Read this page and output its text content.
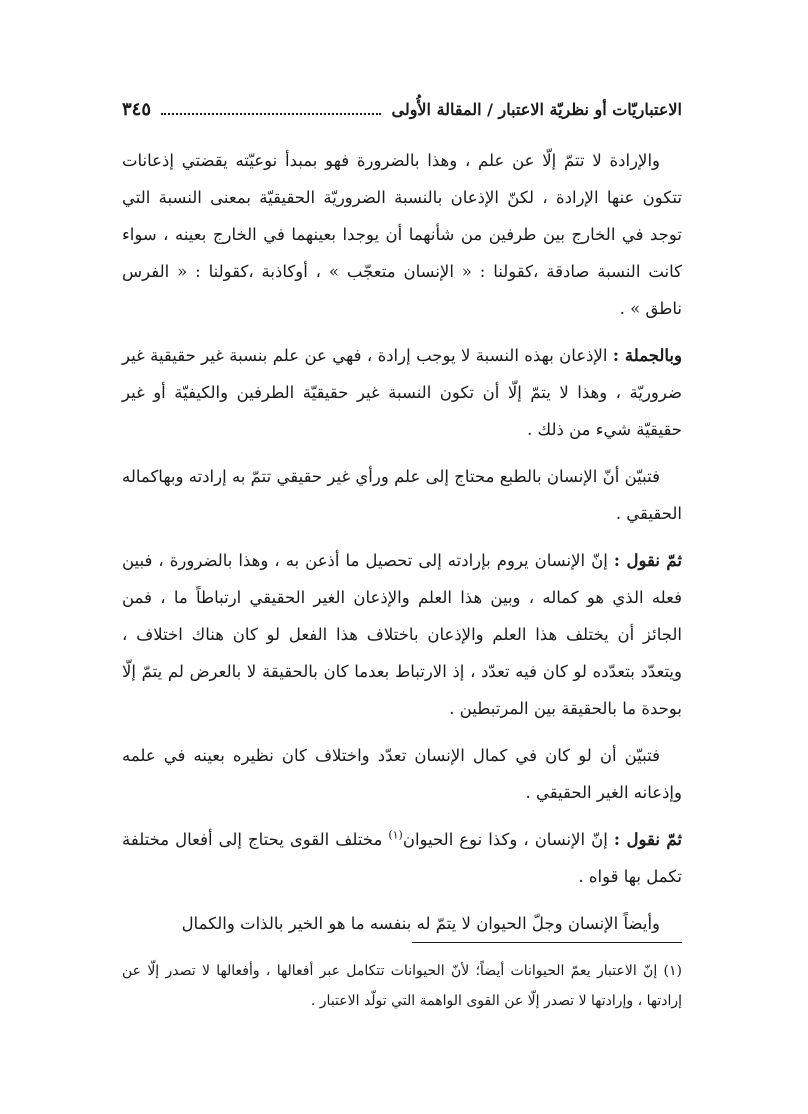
الاعتباريّات أو نظريّة الاعتبار / المقالة الأُولى
٣٤٥

والإرادة لا تتمّ إلّا عن علم ، وهذا بالضرورة فهو بمبدأ نوعيّته يقضتي إذعانات تتكون عنها الإرادة ، لكنّ الإذعان بالنسبة الضروريّة الحقيقيّة بمعنى النسبة التي توجد في الخارج بين طرفين من شأنهما أن يوجدا بعينهما في الخارج بعينه ، سواء كانت النسبة صادقة ،كقولنا : « الإنسان متعجّب » ، أوكاذبة ،كقولنا : « الفرس ناطق » .

وبالجملة : الإذعان بهذه النسبة لا يوجب إرادة ، فهي عن علم بنسبة غير حقيقية غير ضروريّة ، وهذا لا يتمّ إلّا أن تكون النسبة غير حقيقيّة الطرفين والكيفيّة أو غير حقيقيّة شيء من ذلك .

فتبيّن أنّ الإنسان بالطبع محتاج إلى علم ورأي غير حقيقي تتمّ به إرادته وبهاكماله الحقيقي .

ثمّ نقول : إنّ الإنسان يروم بإرادته إلى تحصيل ما أذعن به ، وهذا بالضرورة ، فبين فعله الذي هو كماله ، وبين هذا العلم والإذعان الغير الحقيقي ارتباطاً ما ، فمن الجائز أن يختلف هذا العلم والإذعان باختلاف هذا الفعل لو كان هناك اختلاف ، ويتعدّد بتعدّده لو كان فيه تعدّد ، إذ الارتباط بعدما كان بالحقيقة لا بالعرض لم يتمّ إلّا بوحدة ما بالحقيقة بين المرتبطين .

فتبيّن أن لو كان في كمال الإنسان تعدّد واختلاف كان نظيره بعينه في علمه وإذعانه الغير الحقيقي .

ثمّ نقول : إنّ الإنسان ، وكذا نوع الحيوان$^{(١)}$ مختلف القوى يحتاج إلى أفعال مختلفة تكمل بها قواه .

وأيضاً الإنسان وجلّ الحيوان لا يتمّ له بنفسه ما هو الخير بالذات والكمال

(١) إنّ الاعتبار يعمّ الحيوانات أيضاً؛ لأنّ الحيوانات تتكامل عبر أفعالها ، وأفعالها لا تصدر إلّا عن إرادتها ، وإرادتها لا تصدر إلّا عن القوى الواهمة التي تولّد الاعتبار .
